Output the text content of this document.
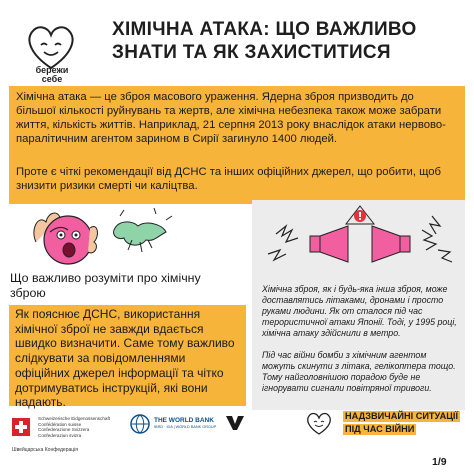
бережи
себе
ХІМІЧНА АТАКА: ЩО ВАЖЛИВО ЗНАТИ ТА ЯК ЗАХИСТИТИСЯ
Хімічна атака — це зброя масового ураження. Ядерна зброя призводить до більшої кількості руйнувань та жертв, але хімічна небезпека також може забрати життя, кількість життів. Наприклад, 21 серпня 2013 року внаслідок атаки нервово-паралітичним агентом зарином в Сирії загинуло 1400 людей.
Проте є чіткі рекомендації від ДСНС та інших офіційних джерел, що робити, щоб знизити ризики смерті чи каліцтва.
Що важливо розуміти про хімічну зброю
Як пояснює ДСНС, використання хімічної зброї не завжди вдається швидко визначити. Саме тому важливо слідкувати за повідомленнями офіційних джерел інформації та чітко дотримуватись інструкцій, які вони надають.
Хімічна зброя, як і будь-яка інша зброя, може доставлятись літаками, дронами і просто руками людини. Як от сталося під час терористичної атаки Японії. Тоді, у 1995 році, хімічна атаку здійснили в метро.
Під час війни бомби з хімічним агентом можуть скинути з літака, гелікоптера тощо. Тому найголовнішою порадою буде не ігнорувати сигнали повітряної тривоги.
Schweizerische Eidgenossenschaft
Confédération suisse
Confederazione Svizzera
Confederaziun svizra
Швейцарська Конфедерація
THE WORLD BANK
IBRD · IDA | WORLD BANK GROUP
НАДЗВИЧАЙНІ СИТУАЦІЇ
ПІД ЧАС ВІЙНИ
1/9
